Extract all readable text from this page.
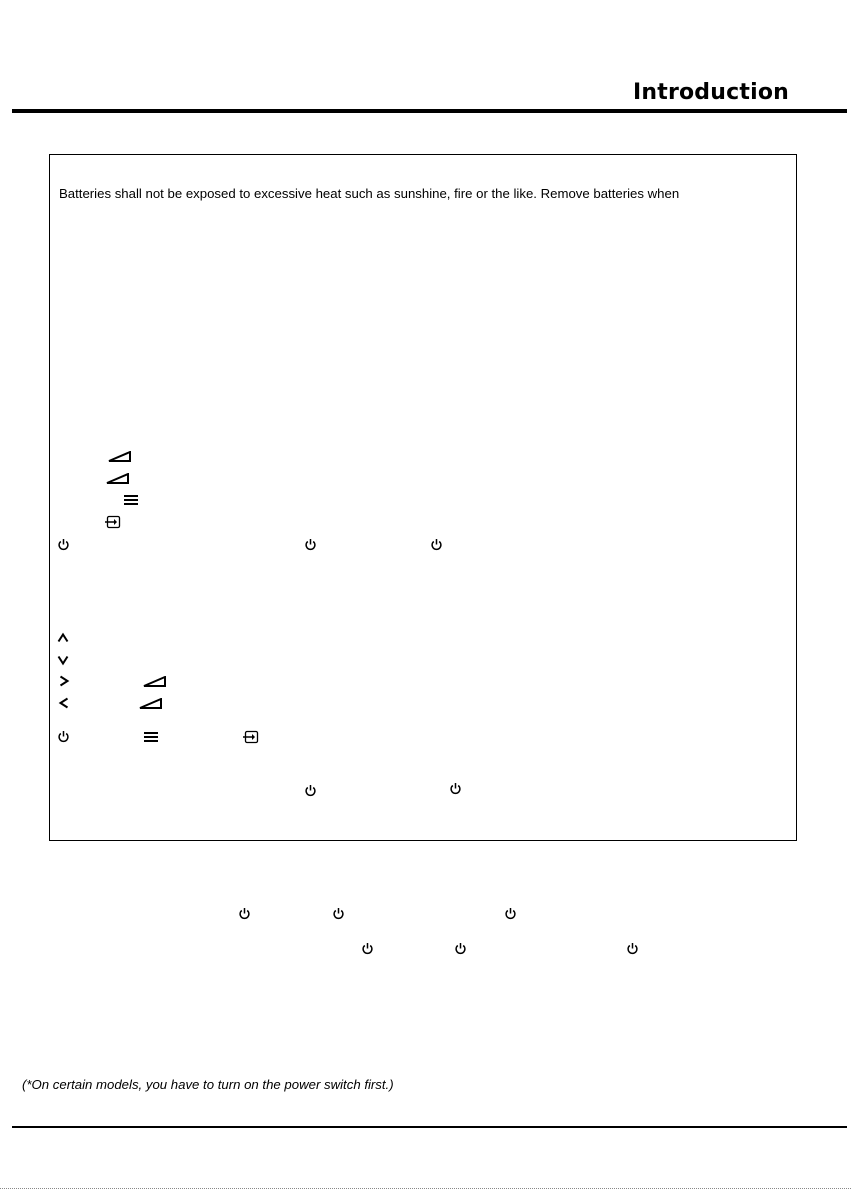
Introduction
Batteries shall not be exposed to excessive heat such as sunshine, fire or the like. Remove batteries when
(*On certain models, you have to turn on the power switch first.)
